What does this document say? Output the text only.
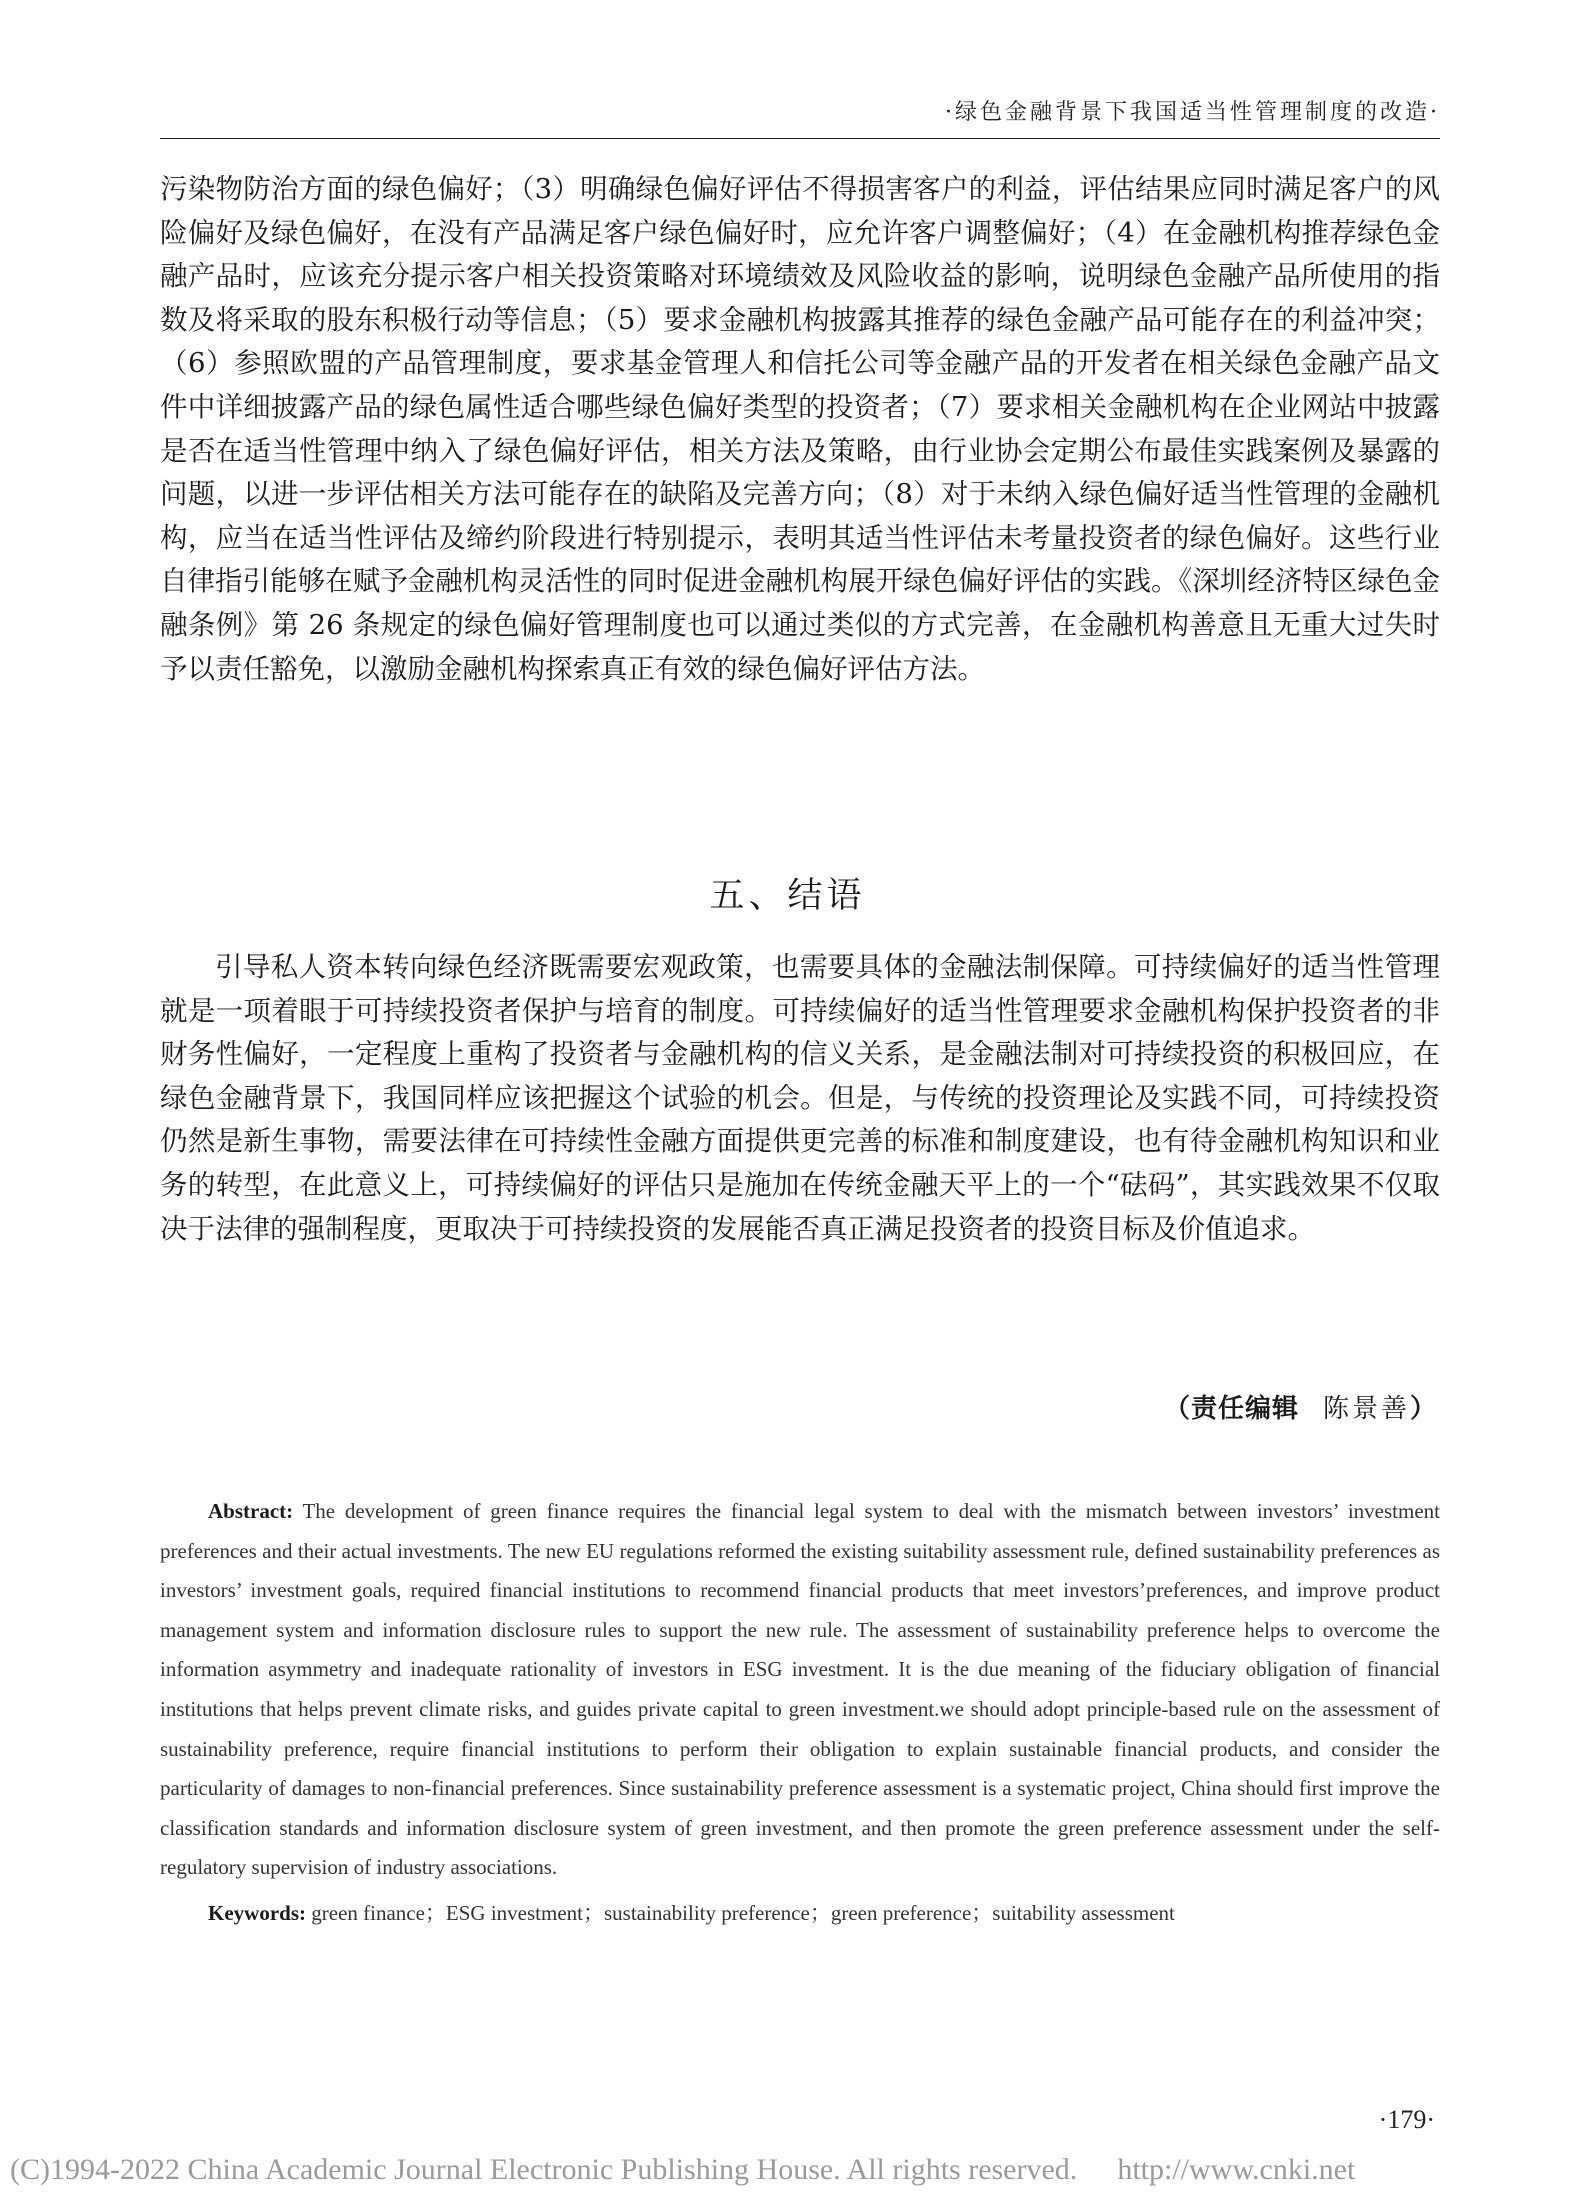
·绿色金融背景下我国适当性管理制度的改造·

污染物防治方面的绿色偏好；（3）明确绿色偏好评估不得损害客户的利益，评估结果应同时满足客户的风险偏好及绿色偏好，在没有产品满足客户绿色偏好时，应允许客户调整偏好；（4）在金融机构推荐绿色金融产品时，应该充分提示客户相关投资策略对环境绩效及风险收益的影响，说明绿色金融产品所使用的指数及将采取的股东积极行动等信息；（5）要求金融机构披露其推荐的绿色金融产品可能存在的利益冲突；（6）参照欧盟的产品管理制度，要求基金管理人和信托公司等金融产品的开发者在相关绿色金融产品文件中详细披露产品的绿色属性适合哪些绿色偏好类型的投资者；（7）要求相关金融机构在企业网站中披露是否在适当性管理中纳入了绿色偏好评估，相关方法及策略，由行业协会定期公布最佳实践案例及暴露的问题，以进一步评估相关方法可能存在的缺陷及完善方向；（8）对于未纳入绿色偏好适当性管理的金融机构，应当在适当性评估及缔约阶段进行特别提示，表明其适当性评估未考量投资者的绿色偏好。这些行业自律指引能够在赋予金融机构灵活性的同时促进金融机构展开绿色偏好评估的实践。《深圳经济特区绿色金融条例》第 26 条规定的绿色偏好管理制度也可以通过类似的方式完善，在金融机构善意且无重大过失时予以责任豁免，以激励金融机构探索真正有效的绿色偏好评估方法。

五、结语

引导私人资本转向绿色经济既需要宏观政策，也需要具体的金融法制保障。可持续偏好的适当性管理就是一项着眼于可持续投资者保护与培育的制度。可持续偏好的适当性管理要求金融机构保护投资者的非财务性偏好，一定程度上重构了投资者与金融机构的信义关系，是金融法制对可持续投资的积极回应，在绿色金融背景下，我国同样应该把握这个试验的机会。但是，与传统的投资理论及实践不同，可持续投资仍然是新生事物，需要法律在可持续性金融方面提供更完善的标准和制度建设，也有待金融机构知识和业务的转型，在此意义上，可持续偏好的评估只是施加在传统金融天平上的一个“砝码”，其实践效果不仅取决于法律的强制程度，更取决于可持续投资的发展能否真正满足投资者的投资目标及价值追求。

（责任编辑 陈景善）

Abstract: The development of green finance requires the financial legal system to deal with the mismatch between investors’ investment preferences and their actual investments. The new EU regulations reformed the existing suitability assessment rule, defined sustainability preferences as investors’ investment goals, required financial institutions to recommend financial products that meet investors’preferences, and improve product management system and information disclosure rules to support the new rule. The assessment of sustainability preference helps to overcome the information asymmetry and inadequate rationality of investors in ESG investment. It is the due meaning of the fiduciary obligation of financial institutions that helps prevent climate risks, and guides private capital to green investment.we should adopt principle-based rule on the assessment of sustainability preference, require financial institutions to perform their obligation to explain sustainable financial products, and consider the particularity of damages to non-financial preferences. Since sustainability preference assessment is a systematic project, China should first improve the classification standards and information disclosure system of green investment, and then promote the green preference assessment under the self-regulatory supervision of industry associations.

Keywords: green finance；ESG investment；sustainability preference；green preference；suitability assessment

·179·
(C)1994-2022 China Academic Journal Electronic Publishing House. All rights reserved. http://www.cnki.net
